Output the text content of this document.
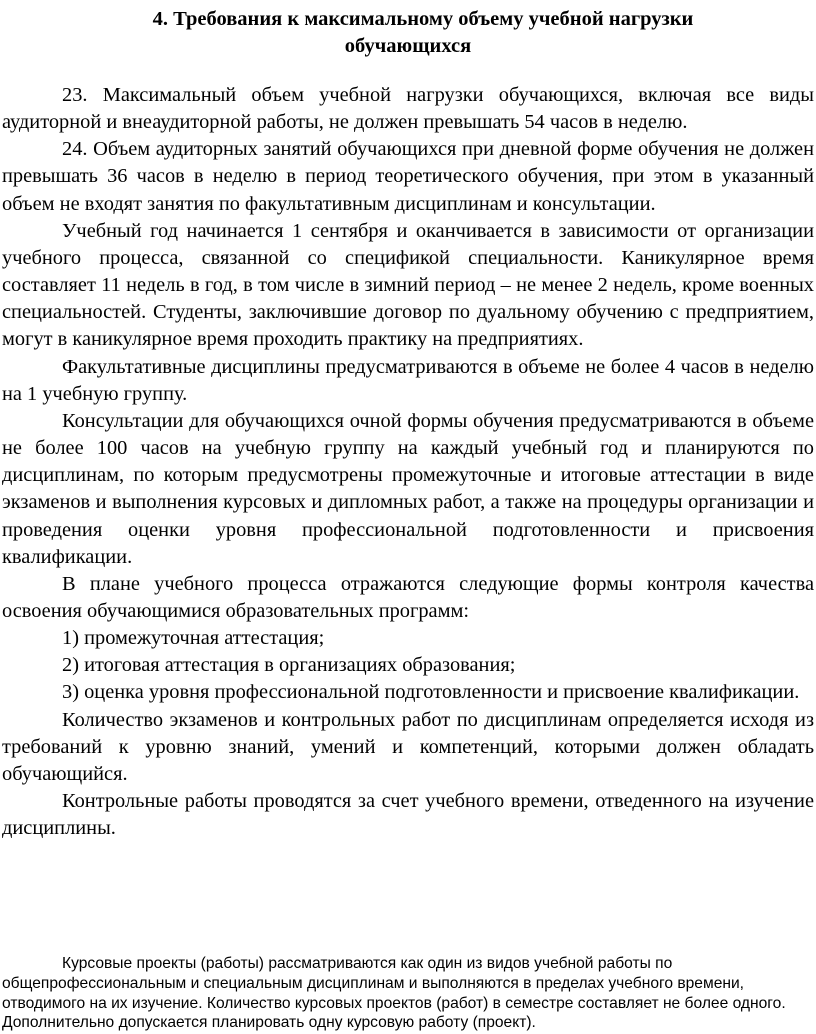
4. Требования к максимальному объему учебной нагрузки
обучающихся

23. Максимальный объем учебной нагрузки обучающихся, включая все виды аудиторной и внеаудиторной работы, не должен превышать 54 часов в неделю.

24. Объем аудиторных занятий обучающихся при дневной форме обучения не должен превышать 36 часов в неделю в период теоретического обучения, при этом в указанный объем не входят занятия по факультативным дисциплинам и консультации.

Учебный год начинается 1 сентября и оканчивается в зависимости от организации учебного процесса, связанной со спецификой специальности. Каникулярное время составляет 11 недель в год, в том числе в зимний период – не менее 2 недель, кроме военных специальностей. Студенты, заключившие договор по дуальному обучению с предприятием, могут в каникулярное время проходить практику на предприятиях.

Факультативные дисциплины предусматриваются в объеме не более 4 часов в неделю на 1 учебную группу.

Консультации для обучающихся очной формы обучения предусматриваются в объеме не более 100 часов на учебную группу на каждый учебный год и планируются по дисциплинам, по которым предусмотрены промежуточные и итоговые аттестации в виде экзаменов и выполнения курсовых и дипломных работ, а также на процедуры организации и проведения оценки уровня профессиональной подготовленности и присвоения квалификации.

В плане учебного процесса отражаются следующие формы контроля качества освоения обучающимися образовательных программ:

1) промежуточная аттестация;

2) итоговая аттестация в организациях образования;

3) оценка уровня профессиональной подготовленности и присвоение квалификации.

Количество экзаменов и контрольных работ по дисциплинам определяется исходя из требований к уровню знаний, умений и компетенций, которыми должен обладать обучающийся.

Контрольные работы проводятся за счет учебного времени, отведенного на изучение дисциплины.

Курсовые проекты (работы) рассматриваются как один из видов учебной работы по общепрофессиональным и специальным дисциплинам и выполняются в пределах учебного времени, отводимого на их изучение. Количество курсовых проектов (работ) в семестре составляет не более одного. Дополнительно допускается планировать одну курсовую работу (проект).
